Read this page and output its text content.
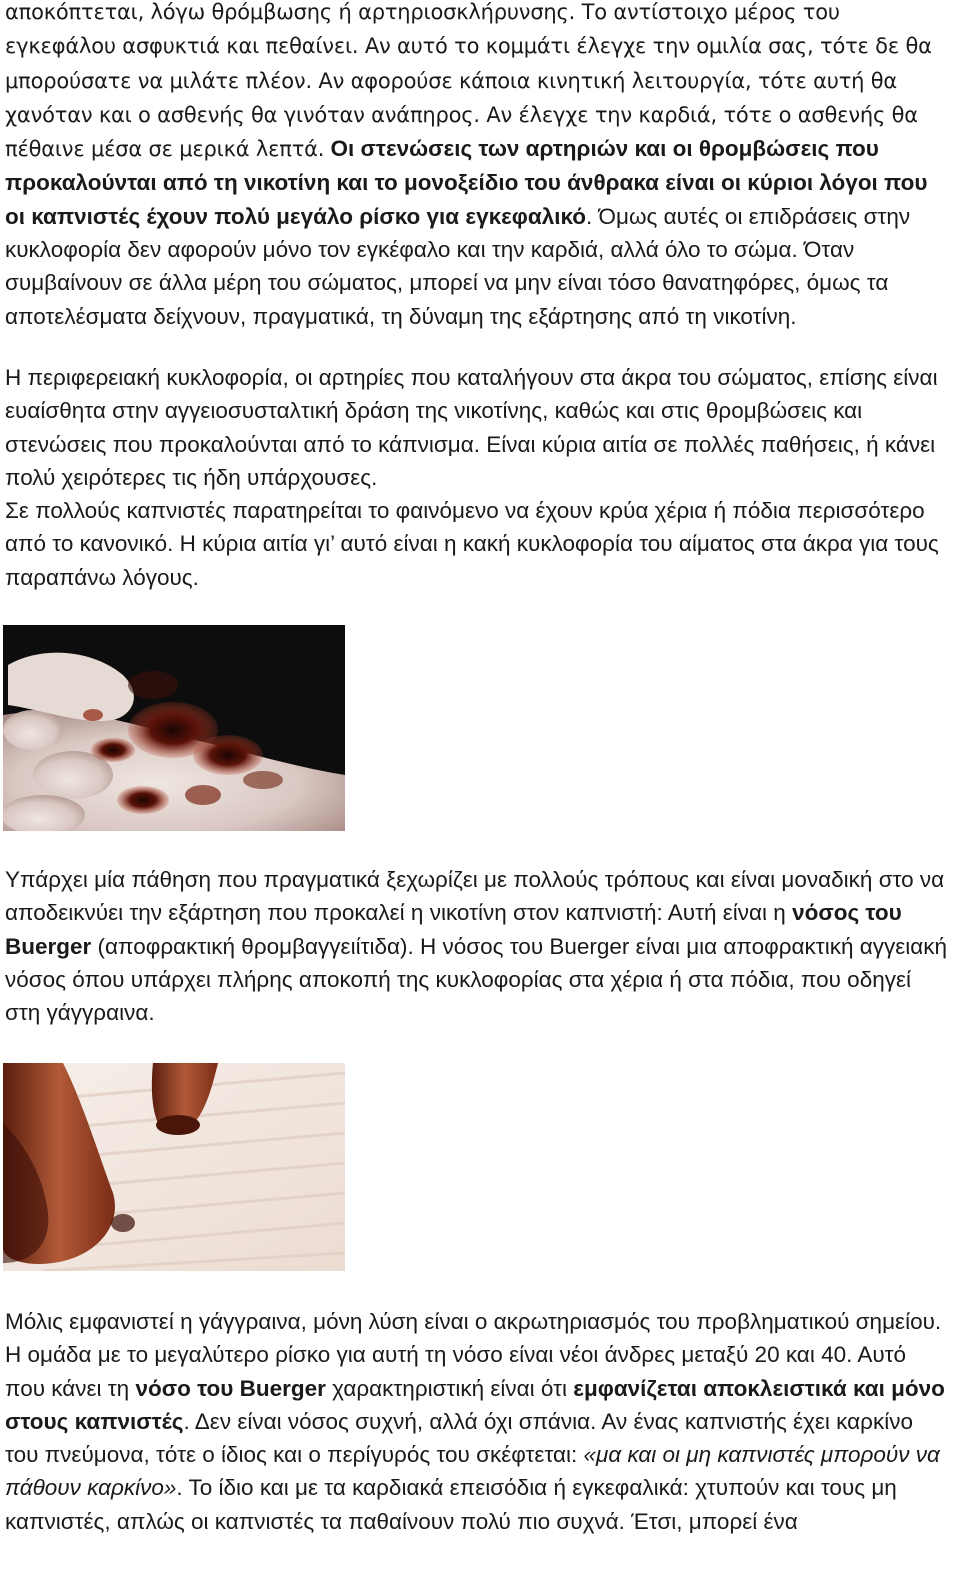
αποκόπτεται, λόγω θρόμβωσης ή αρτηριοσκλήρυνσης. Το αντίστοιχο μέρος του εγκεφάλου ασφυκτιά και πεθαίνει. Αν αυτό το κομμάτι έλεγχε την ομιλία σας, τότε δε θα μπορούσατε να μιλάτε πλέον. Αν αφορούσε κάποια κινητική λειτουργία, τότε αυτή θα χανόταν και ο ασθενής θα γινόταν ανάπηρος. Αν έλεγχε την καρδιά, τότε ο ασθενής θα πέθαινε μέσα σε μερικά λεπτά. Οι στενώσεις των αρτηριών και οι θρομβώσεις που προκαλούνται από τη νικοτίνη και το μονοξείδιο του άνθρακα είναι οι κύριοι λόγοι που οι καπνιστές έχουν πολύ μεγάλο ρίσκο για εγκεφαλικό. Όμως αυτές οι επιδράσεις στην κυκλοφορία δεν αφορούν μόνο τον εγκέφαλο και την καρδιά, αλλά όλο το σώμα. Όταν συμβαίνουν σε άλλα μέρη του σώματος, μπορεί να μην είναι τόσο θανατηφόρες, όμως τα αποτελέσματα δείχνουν, πραγματικά, τη δύναμη της εξάρτησης από τη νικοτίνη.

Η περιφερειακή κυκλοφορία, οι αρτηρίες που καταλήγουν στα άκρα του σώματος, επίσης είναι ευαίσθητα στην αγγειοσυσταλτική δράση της νικοτίνης, καθώς και στις θρομβώσεις και στενώσεις που προκαλούνται από το κάπνισμα. Είναι κύρια αιτία σε πολλές παθήσεις, ή κάνει πολύ χειρότερες τις ήδη υπάρχουσες.

Σε πολλούς καπνιστές παρατηρείται το φαινόμενο να έχουν κρύα χέρια ή πόδια περισσότερο από το κανονικό. Η κύρια αιτία γι’ αυτό είναι η κακή κυκλοφορία του αίματος στα άκρα για τους παραπάνω λόγους.

Υπάρχει μία πάθηση που πραγματικά ξεχωρίζει με πολλούς τρόπους και είναι μοναδική στο να αποδεικνύει την εξάρτηση που προκαλεί η νικοτίνη στον καπνιστή: Αυτή είναι η νόσος του Buerger (αποφρακτική θρομβαγγειίτιδα). Η νόσος του Buerger είναι μια αποφρακτική αγγειακή νόσος όπου υπάρχει πλήρης αποκοπή της κυκλοφορίας στα χέρια ή στα πόδια, που οδηγεί στη γάγγραινα.

Μόλις εμφανιστεί η γάγγραινα, μόνη λύση είναι ο ακρωτηριασμός του προβληματικού σημείου. Η ομάδα με το μεγαλύτερο ρίσκο για αυτή τη νόσο είναι νέοι άνδρες μεταξύ 20 και 40. Αυτό που κάνει τη νόσο του Buerger χαρακτηριστική είναι ότι εμφανίζεται αποκλειστικά και μόνο στους καπνιστές. Δεν είναι νόσος συχνή, αλλά όχι σπάνια. Αν ένας καπνιστής έχει καρκίνο του πνεύμονα, τότε ο ίδιος και ο περίγυρός του σκέφτεται: «μα και οι μη καπνιστές μπορούν να πάθουν καρκίνο». Το ίδιο και με τα καρδιακά επεισόδια ή εγκεφαλικά: χτυπούν και τους μη καπνιστές, απλώς οι καπνιστές τα παθαίνουν πολύ πιο συχνά. Έτσι, μπορεί ένα
